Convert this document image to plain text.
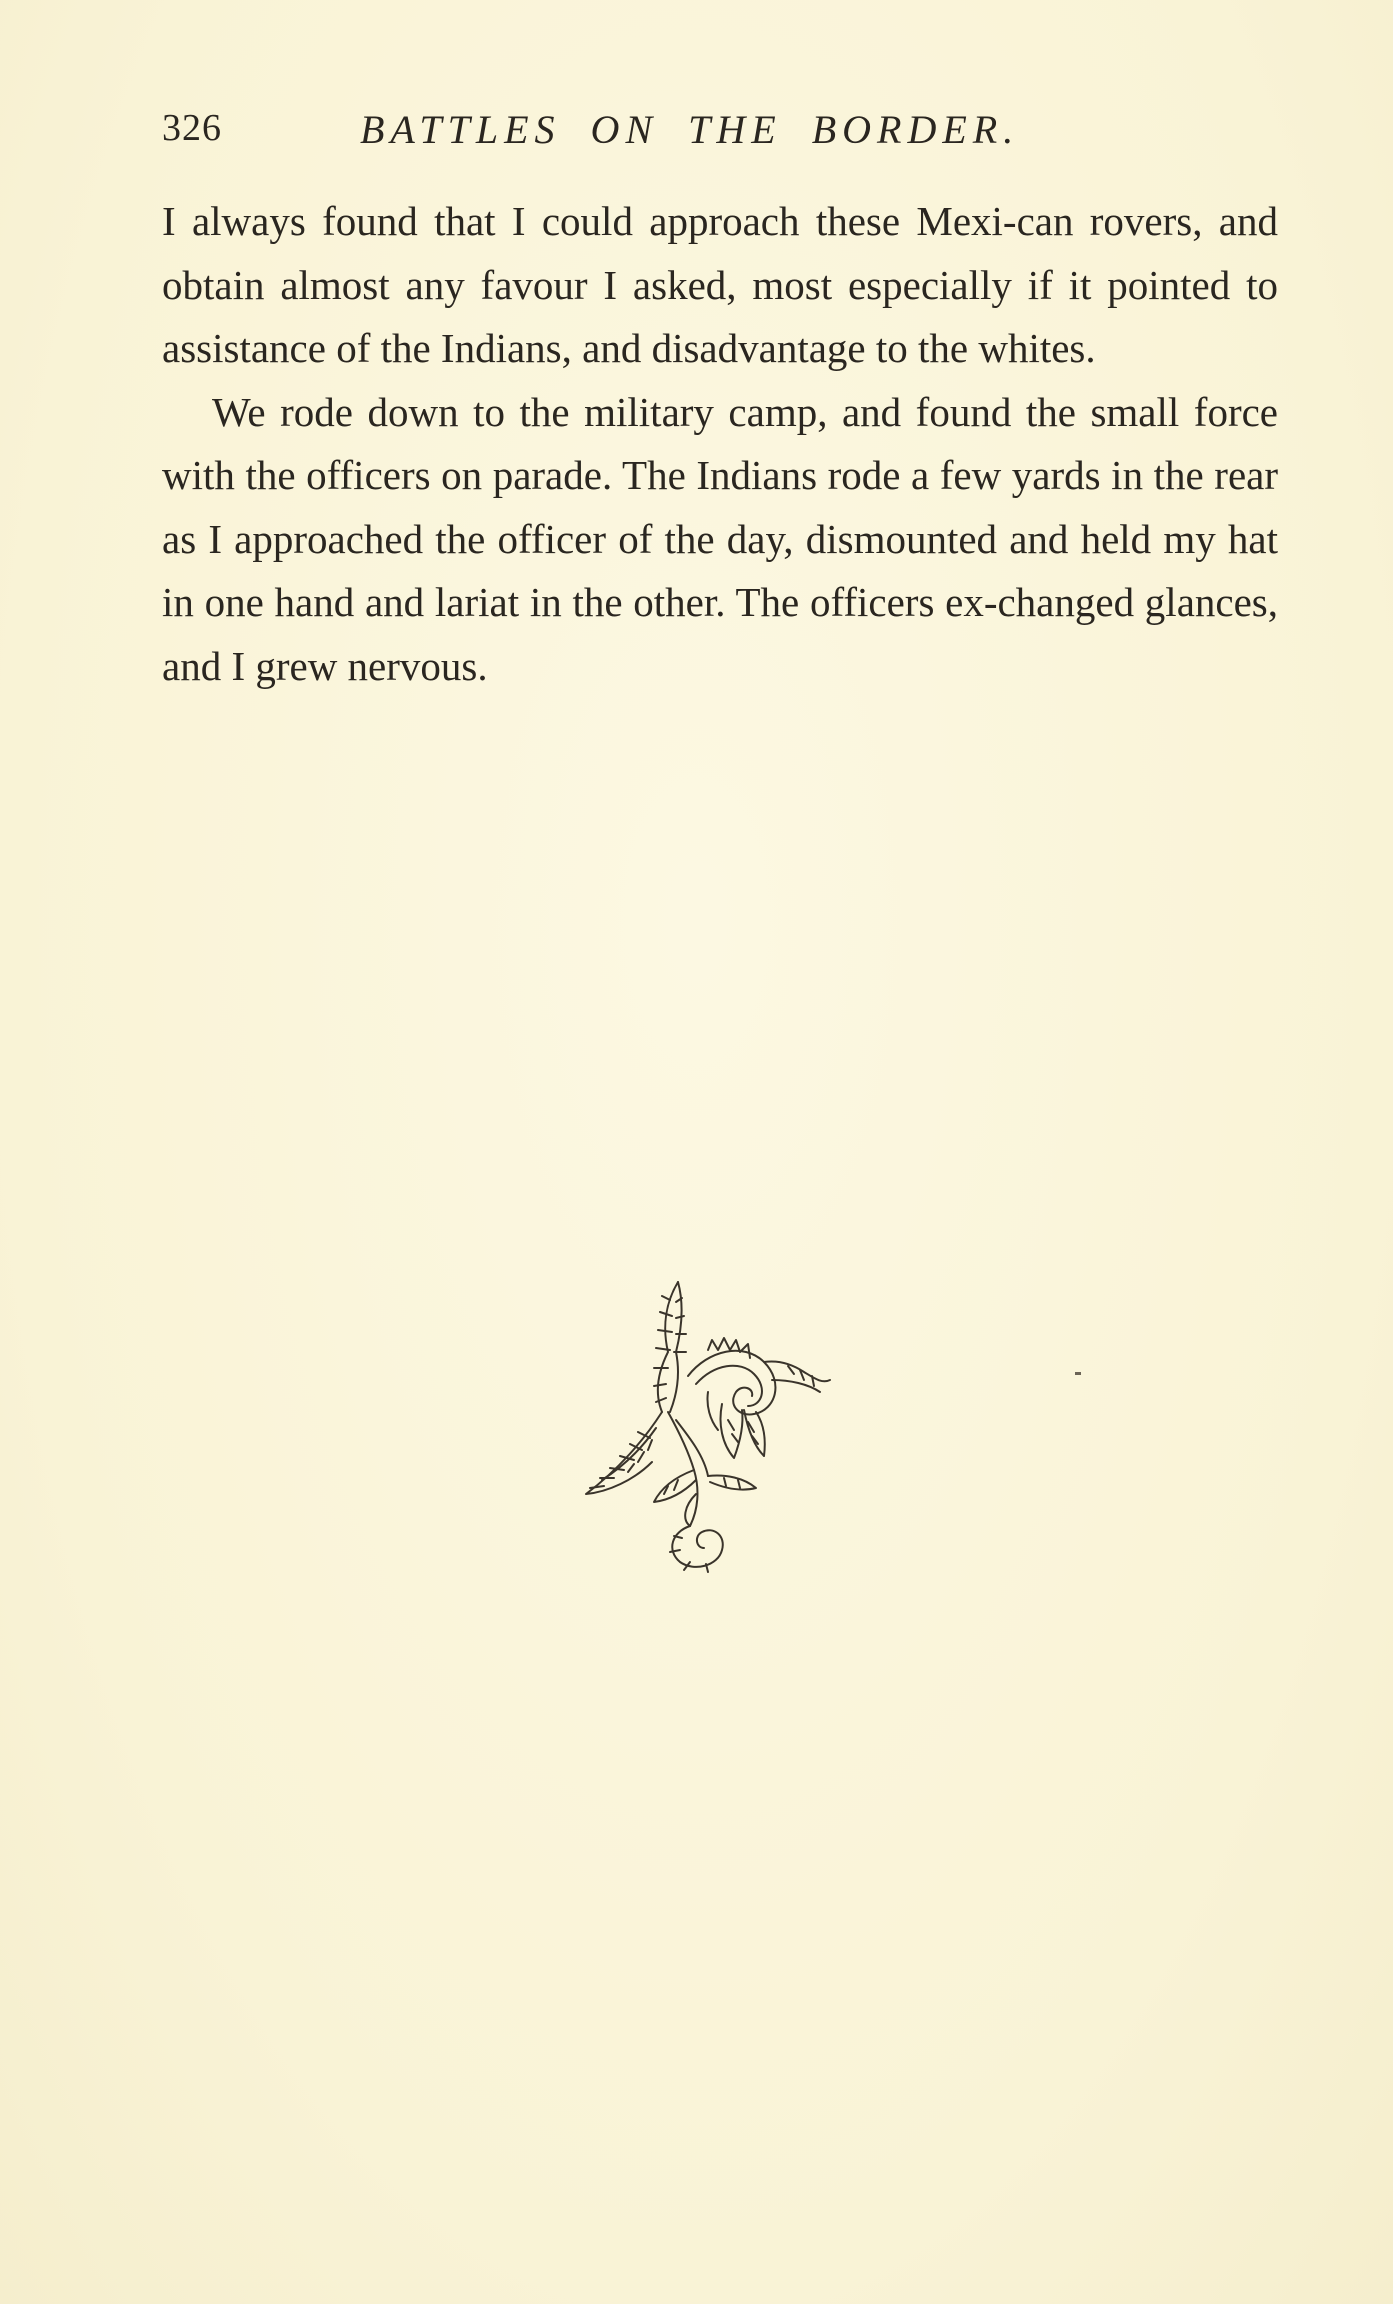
326	BATTLES ON THE BORDER.

I always found that I could approach these Mexi-can rovers, and obtain almost any favour I asked, most especially if it pointed to assistance of the Indians, and disadvantage to the whites.

We rode down to the military camp, and found the small force with the officers on parade. The Indians rode a few yards in the rear as I approached the officer of the day, dismounted and held my hat in one hand and lariat in the other. The officers ex-changed glances, and I grew nervous.
